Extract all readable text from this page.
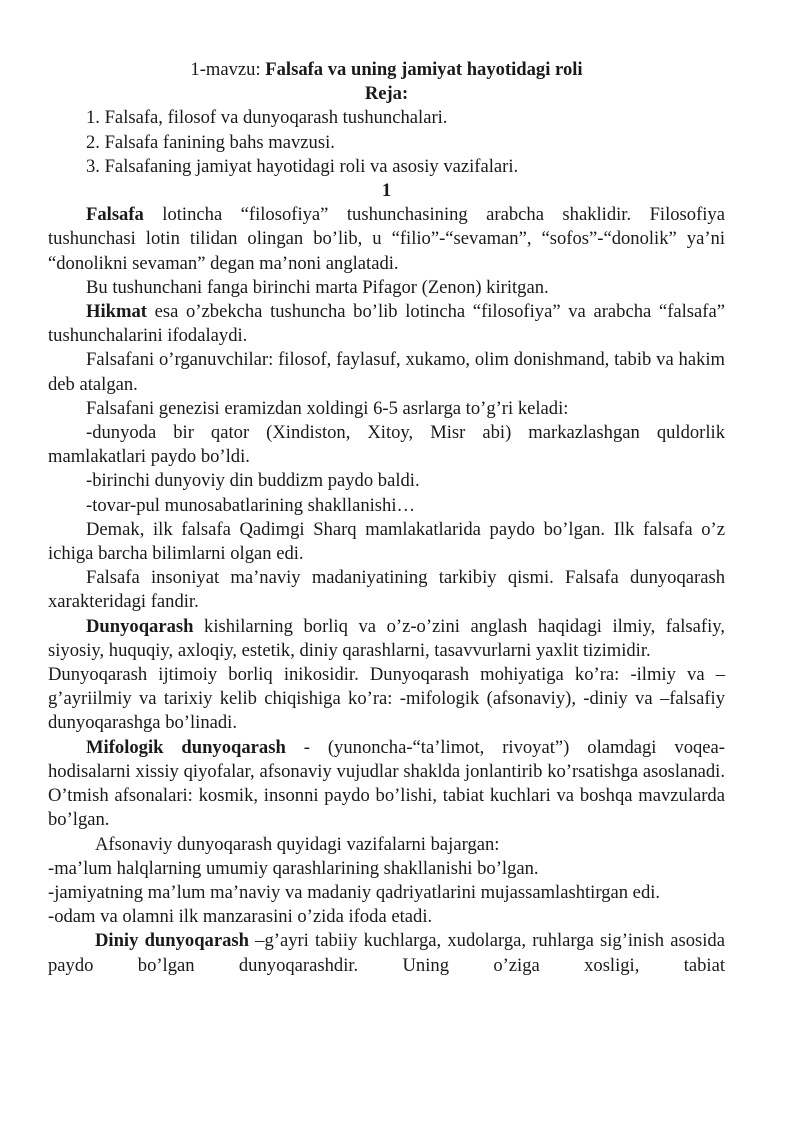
1-mavzu: Falsafa va uning jamiyat hayotidagi roli
Reja:
1. Falsafa, filosof va dunyoqarash tushunchalari.
2. Falsafa fanining bahs mavzusi.
3. Falsafaning jamiyat hayotidagi roli va asosiy vazifalari.
1

Falsafa lotincha “filosofiya” tushunchasining arabcha shaklidir. Filosofiya tushunchasi lotin tilidan olingan bo’lib, u “filio”-“sevaman”, “sofos”-“donolik” ya’ni “donolikni sevaman” degan ma’noni anglatadi.

Bu tushunchani fanga birinchi marta Pifagor (Zenon) kiritgan.

Hikmat esa o’zbekcha tushuncha bo’lib lotincha “filosofiya” va arabcha “falsafa” tushunchalarini ifodalaydi.

Falsafani o’rganuvchilar: filosof, faylasuf, xukamo, olim donishmand, tabib va hakim deb atalgan.

Falsafani genezisi eramizdan xoldingi 6-5 asrlarga to’g’ri keladi:

-dunyoda bir qator (Xindiston, Xitoy, Misr abi) markazlashgan quldorlik mamlakatlari paydo bo’ldi.

-birinchi dunyoviy din buddizm paydo baldi.

-tovar-pul munosabatlarining shakllanishi…

Demak, ilk falsafa Qadimgi Sharq mamlakatlarida paydo bo’lgan. Ilk falsafa o’z ichiga barcha bilimlarni olgan edi.

Falsafa insoniyat ma’naviy madaniyatining tarkibiy qismi. Falsafa dunyoqarash xarakteridagi fandir.

Dunyoqarash kishilarning borliq va o’z-o’zini anglash haqidagi ilmiy, falsafiy, siyosiy, huquqiy, axloqiy, estetik, diniy qarashlarni, tasavvurlarni yaxlit tizimidir.

Dunyoqarash ijtimoiy borliq inikosidir. Dunyoqarash mohiyatiga ko’ra: -ilmiy va –g’ayriilmiy va tarixiy kelib chiqishiga ko’ra: -mifologik (afsonaviy), -diniy va –falsafiy dunyoqarashga bo’linadi.

Mifologik dunyoqarash - (yunoncha-“ta’limot, rivoyat”) olamdagi voqea-hodisalarni xissiy qiyofalar, afsonaviy vujudlar shaklda jonlantirib ko’rsatishga asoslanadi. O’tmish afsonalari: kosmik, insonni paydo bo’lishi, tabiat kuchlari va boshqa mavzularda bo’lgan.

Afsonaviy dunyoqarash quyidagi vazifalarni bajargan:

-ma’lum halqlarning umumiy qarashlarining shakllanishi bo’lgan.

-jamiyatning ma’lum ma’naviy va madaniy qadriyatlarini mujassamlashtirgan edi.

-odam va olamni ilk manzarasini o’zida ifoda etadi.

Diniy dunyoqarash –g’ayri tabiiy kuchlarga, xudolarga, ruhlarga sig’inish asosida paydo bo’lgan dunyoqarashdir. Uning o’ziga xosligi, tabiat
